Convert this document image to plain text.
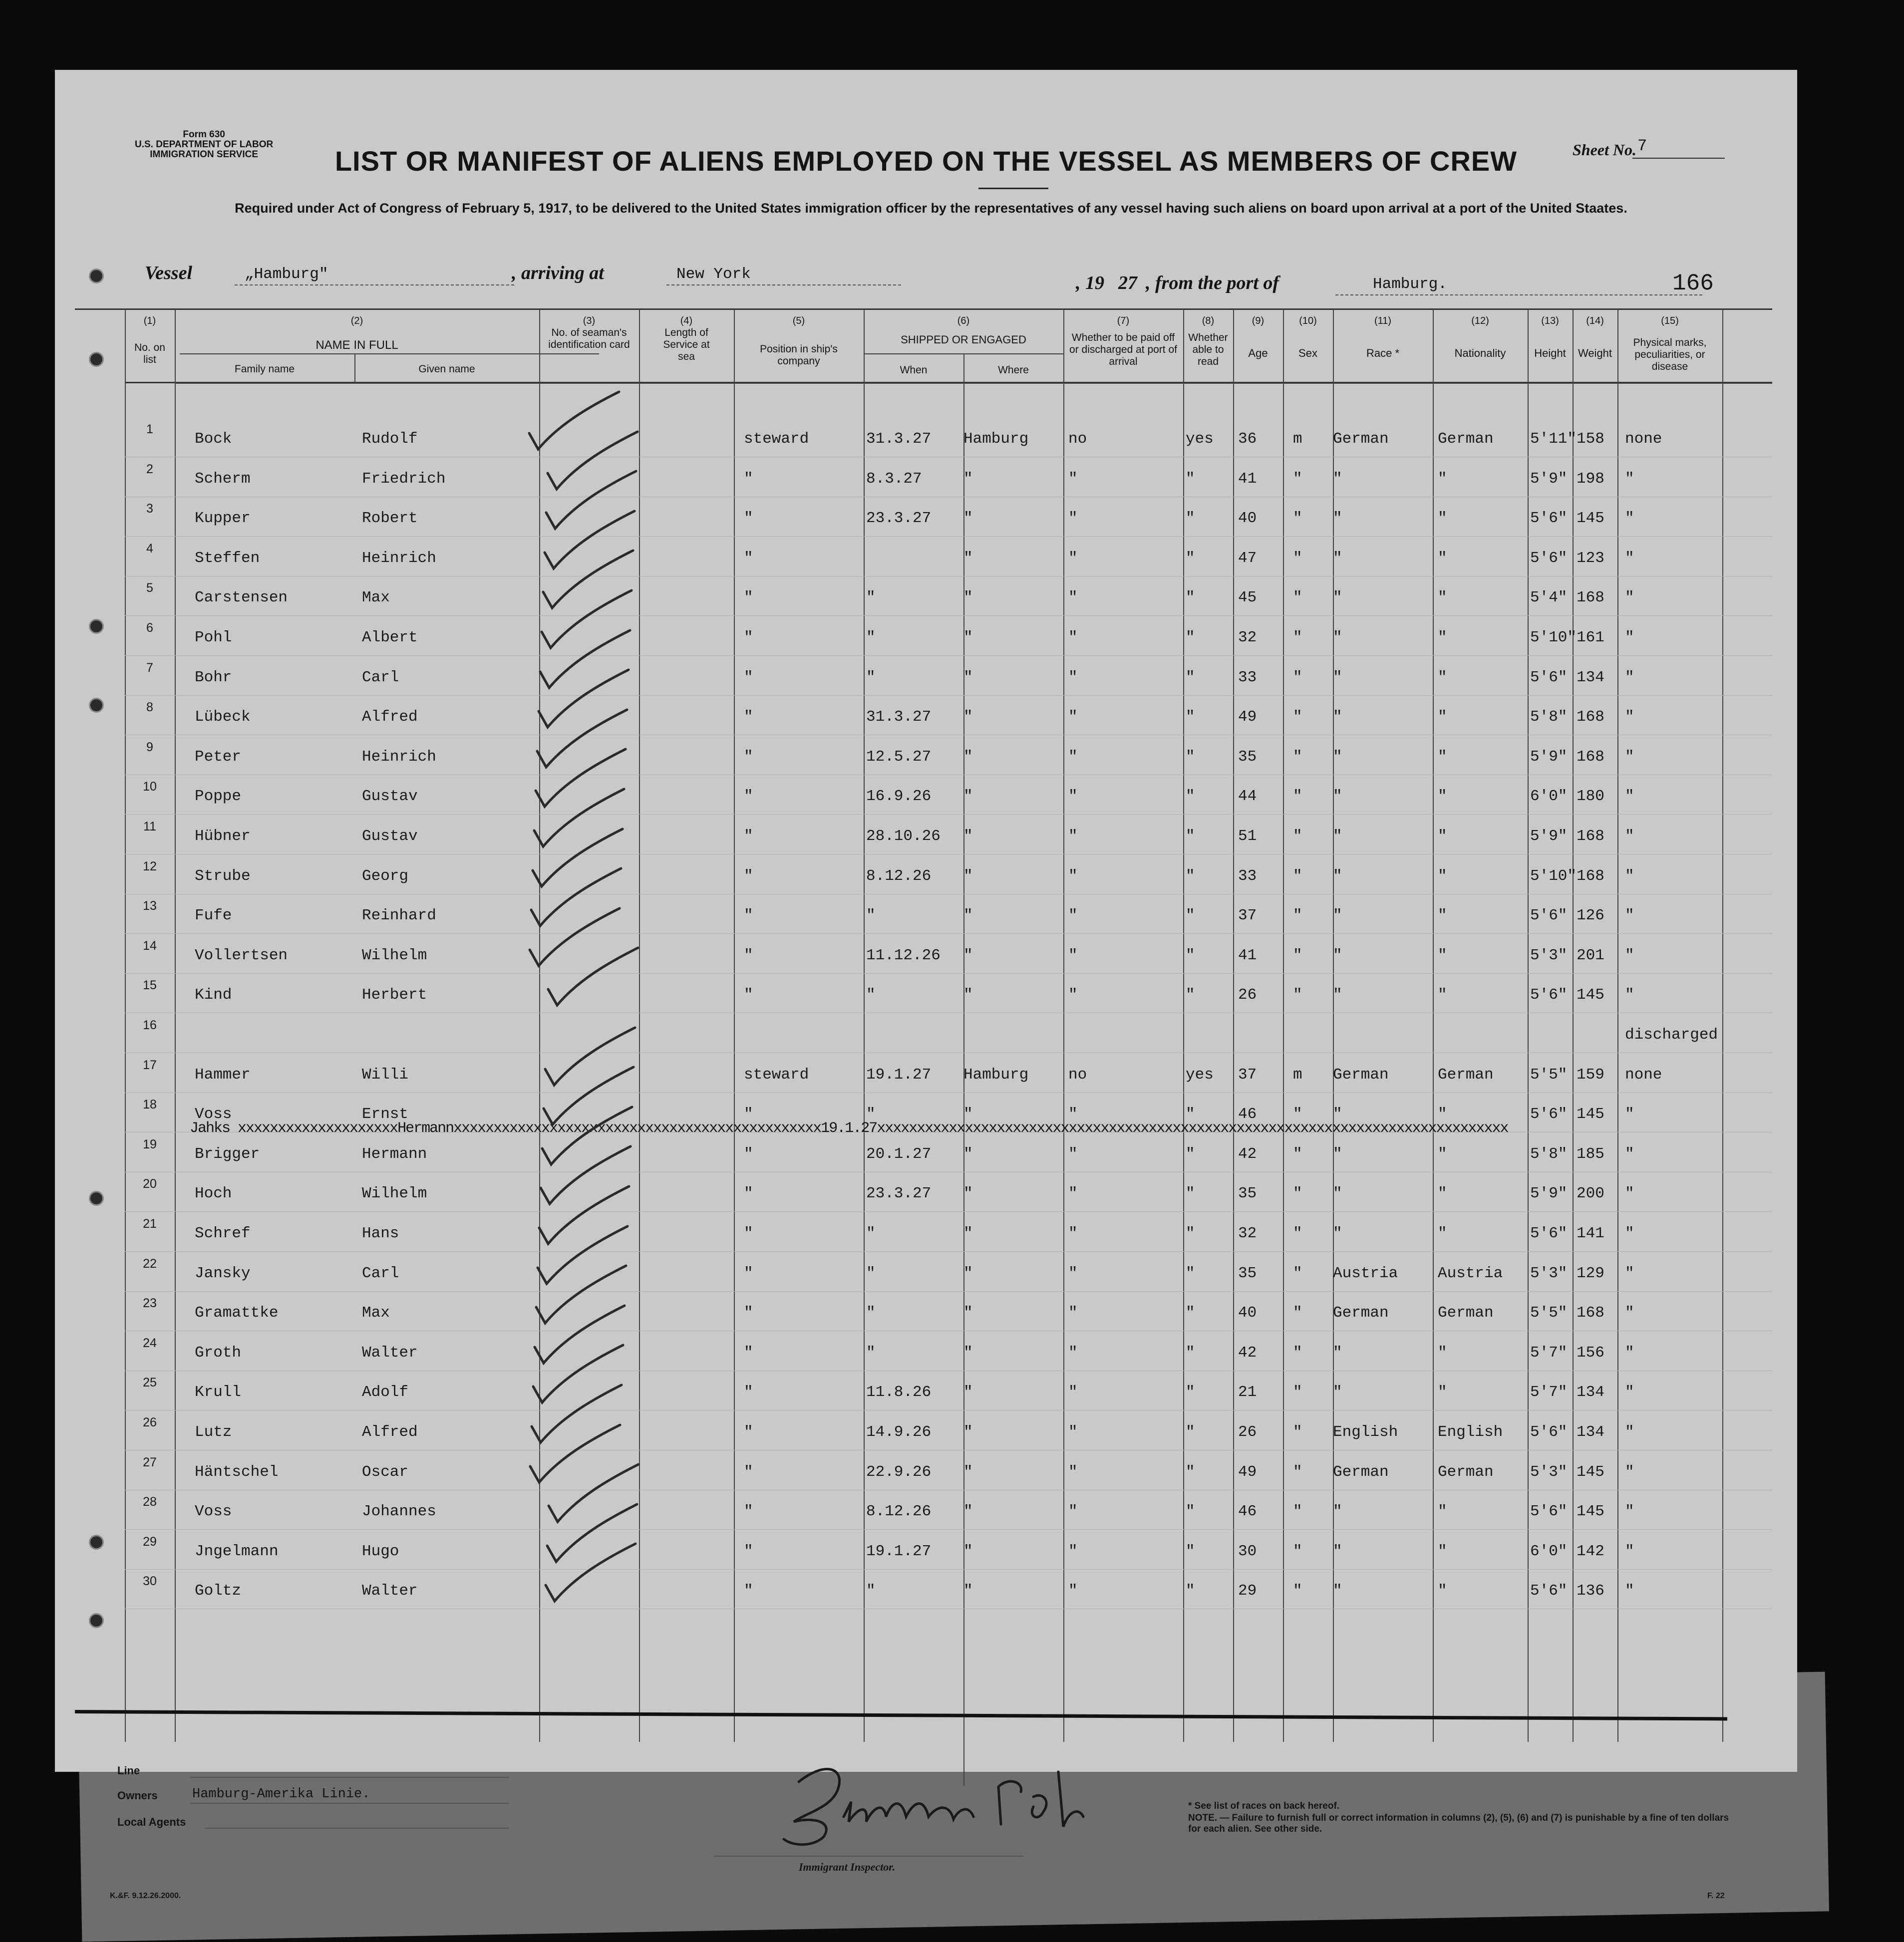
Form 630
U.S. DEPARTMENT OF LABOR
IMMIGRATION SERVICE	LIST OR MANIFEST OF ALIENS EMPLOYED ON THE VESSEL AS MEMBERS OF CREW	Sheet No. 7
Required under Act of Congress of February 5, 1917, to be delivered to the United States immigration officer by the representatives of any vessel having such aliens on board upon arrival at a port of the United Staates.
Vessel	„Hamburg"	, arriving at	New York	, 19 27 , from the port of	Hamburg.	166
(1)
No. on list
(2)
NAME IN FULL
Family name	Given name
(3)
No. of seaman's identification card
(4)
Length of Service at sea
(5)
Position in ship's company
(6)
SHIPPED OR ENGAGED
When	Where
(7)
Whether to be paid off or discharged at port of arrival
(8)
Whether able to read
(9)
Age
(10)
Sex
(11)
Race *
(12)
Nationality
(13)
Height
(14)
Weight
(15)
Physical marks, peculiarities, or disease
1
Bock	Rudolf	steward	31.3.27 Hamburg	no	yes 36 m German	German 5'11" 158 none
2
Scherm	Friedrich	"	8.3.27	"	"	"	41 " "	"	5'9" 198 "
3
Kupper	Robert	"	23.3.27 "	"	"	40 " "	"	5'6" 145 "
4
Steffen	Heinrich	"	"	"	"	47 " "	"	5'6" 123 "
5
Carstensen	Max	"	"	"	"	"	45 " "	"	5'4" 168 "
6
Pohl	Albert	"	"	"	"	"	32 " "	"	5'10" 161 "
7
Bohr	Carl	"	"	"	"	"	33 " "	"	5'6" 134 "
8
Lübeck	Alfred	"	31.3.27 "	"	"	49 " "	"	5'8" 168 "
9
Peter	Heinrich	"	12.5.27 "	"	"	35 " "	"	5'9" 168 "
10
Poppe	Gustav	"	16.9.26 "	"	"	44 " "	"	6'0" 180 "
11
Hübner	Gustav	"	28.10.26 "	"	"	51 " "	"	5'9" 168 "
12
Strube	Georg	"	8.12.26 "	"	"	33 " "	"	5'10" 168 "
13
Fufe	Reinhard	"	"	"	"	"	37 " "	"	5'6" 126 "
14
Vollertsen	Wilhelm	"	11.12.26 "	"	"	41 " "	"	5'3" 201 "
15
Kind	Herbert	"	"	"	"	"	26 " "	"	5'6" 145 "
16
discharged
17
Hammer	Willi	steward	19.1.27 Hamburg	no	yes 37 m German	German 5'5" 159 none
18
Voss	Ernst	"	"	"	"	"	46 " "	"	5'6" 145 "
19
Brigger	Hermann	"	20.1.27 "	"	"	42 " "	"	5'8" 185 "
20
Hoch	Wilhelm	"	23.3.27 "	"	"	35 " "	"	5'9" 200 "
21
Schref	Hans	"	"	"	"	"	32 " "	"	5'6" 141 "
22
Jansky	Carl	"	"	"	"	"	35 " Austria	Austria 5'3" 129 "
23
Gramattke	Max	"	"	"	"	"	40 " German	German 5'5" 168 "
24
Groth	Walter	"	"	"	"	"	42 " "	"	5'7" 156 "
25
Krull	Adolf	"	11.8.26 "	"	"	21 " "	"	5'7" 134 "
26
Lutz	Alfred	"	14.9.26 "	"	"	26 " English	English 5'6" 134 "
27
Häntschel	Oscar	"	22.9.26 "	"	"	49 " German	German 5'3" 145 "
28
Voss	Johannes	"	8.12.26 "	"	"	46 " "	"	5'6" 145 "
29
Jngelmann	Hugo	"	19.1.27 "	"	"	30 " "	"	6'0" 142 "
30
Goltz	Walter	"	"	"	"	"	29 " "	"	5'6" 136 "
Jahks xxxxxxxxxxxxxxxxxxxxHermannxxxxxxxxxxxxxxxxxxxxxxxxxxxxxxxxxxxxxxxxxxxxxx19.1.27xxxxxxxxxxxxxxxxxxxxxxxxxxxxxxxxxxxxxxxxxxxxxxxxxxxxxxxxxxxxxxxxxxxxxxxxxxxxxxx
Line
Owners	Hamburg-Amerika Linie.
Local Agents
Immigrant Inspector.
* See list of races on back hereof.
NOTE. — Failure to furnish full or correct information in columns (2), (5), (6) and (7) is punishable by a fine of ten dollars for each alien. See other side.
K.&F. 9.12.26.2000.	F. 22
